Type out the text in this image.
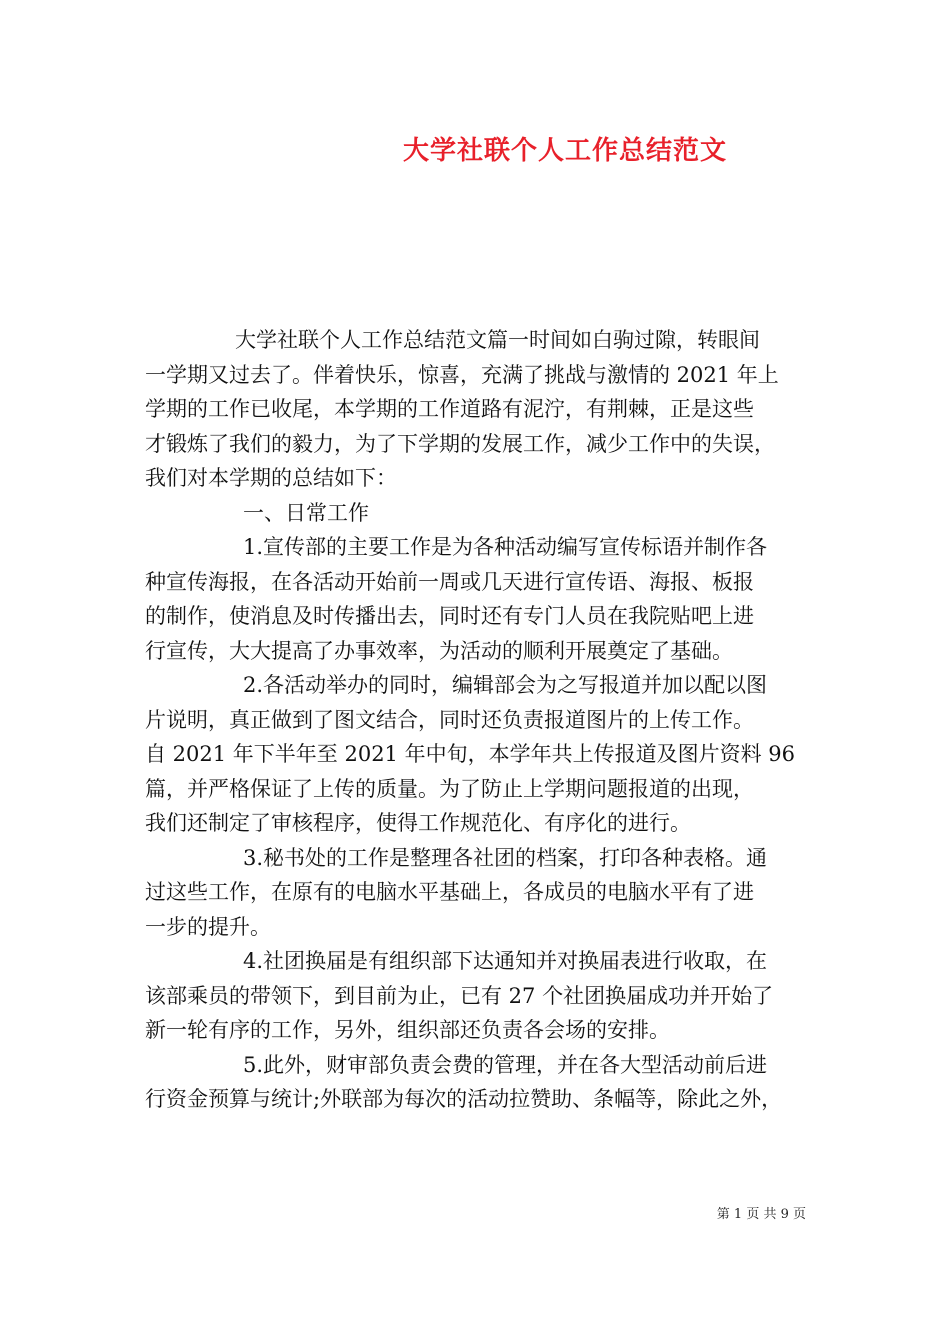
大学社联个人工作总结范文
大学社联个人工作总结范文篇一时间如白驹过隙，转眼间
一学期又过去了。伴着快乐，惊喜，充满了挑战与激情的 2021 年上
学期的工作已收尾，本学期的工作道路有泥泞，有荆棘，正是这些
才锻炼了我们的毅力，为了下学期的发展工作，减少工作中的失误，
我们对本学期的总结如下：
一、日常工作
1.宣传部的主要工作是为各种活动编写宣传标语并制作各
种宣传海报，在各活动开始前一周或几天进行宣传语、海报、板报
的制作，使消息及时传播出去，同时还有专门人员在我院贴吧上进
行宣传，大大提高了办事效率，为活动的顺利开展奠定了基础。
2.各活动举办的同时，编辑部会为之写报道并加以配以图
片说明，真正做到了图文结合，同时还负责报道图片的上传工作。
自 2021 年下半年至 2021 年中旬，本学年共上传报道及图片资料 96
篇，并严格保证了上传的质量。为了防止上学期问题报道的出现，
我们还制定了审核程序，使得工作规范化、有序化的进行。
3.秘书处的工作是整理各社团的档案，打印各种表格。通
过这些工作，在原有的电脑水平基础上，各成员的电脑水平有了进
一步的提升。
4.社团换届是有组织部下达通知并对换届表进行收取，在
该部乘员的带领下，到目前为止，已有 27 个社团换届成功并开始了
新一轮有序的工作，另外，组织部还负责各会场的安排。
5.此外，财审部负责会费的管理，并在各大型活动前后进
行资金预算与统计;外联部为每次的活动拉赞助、条幅等，除此之外，
第 1 页 共 9 页
